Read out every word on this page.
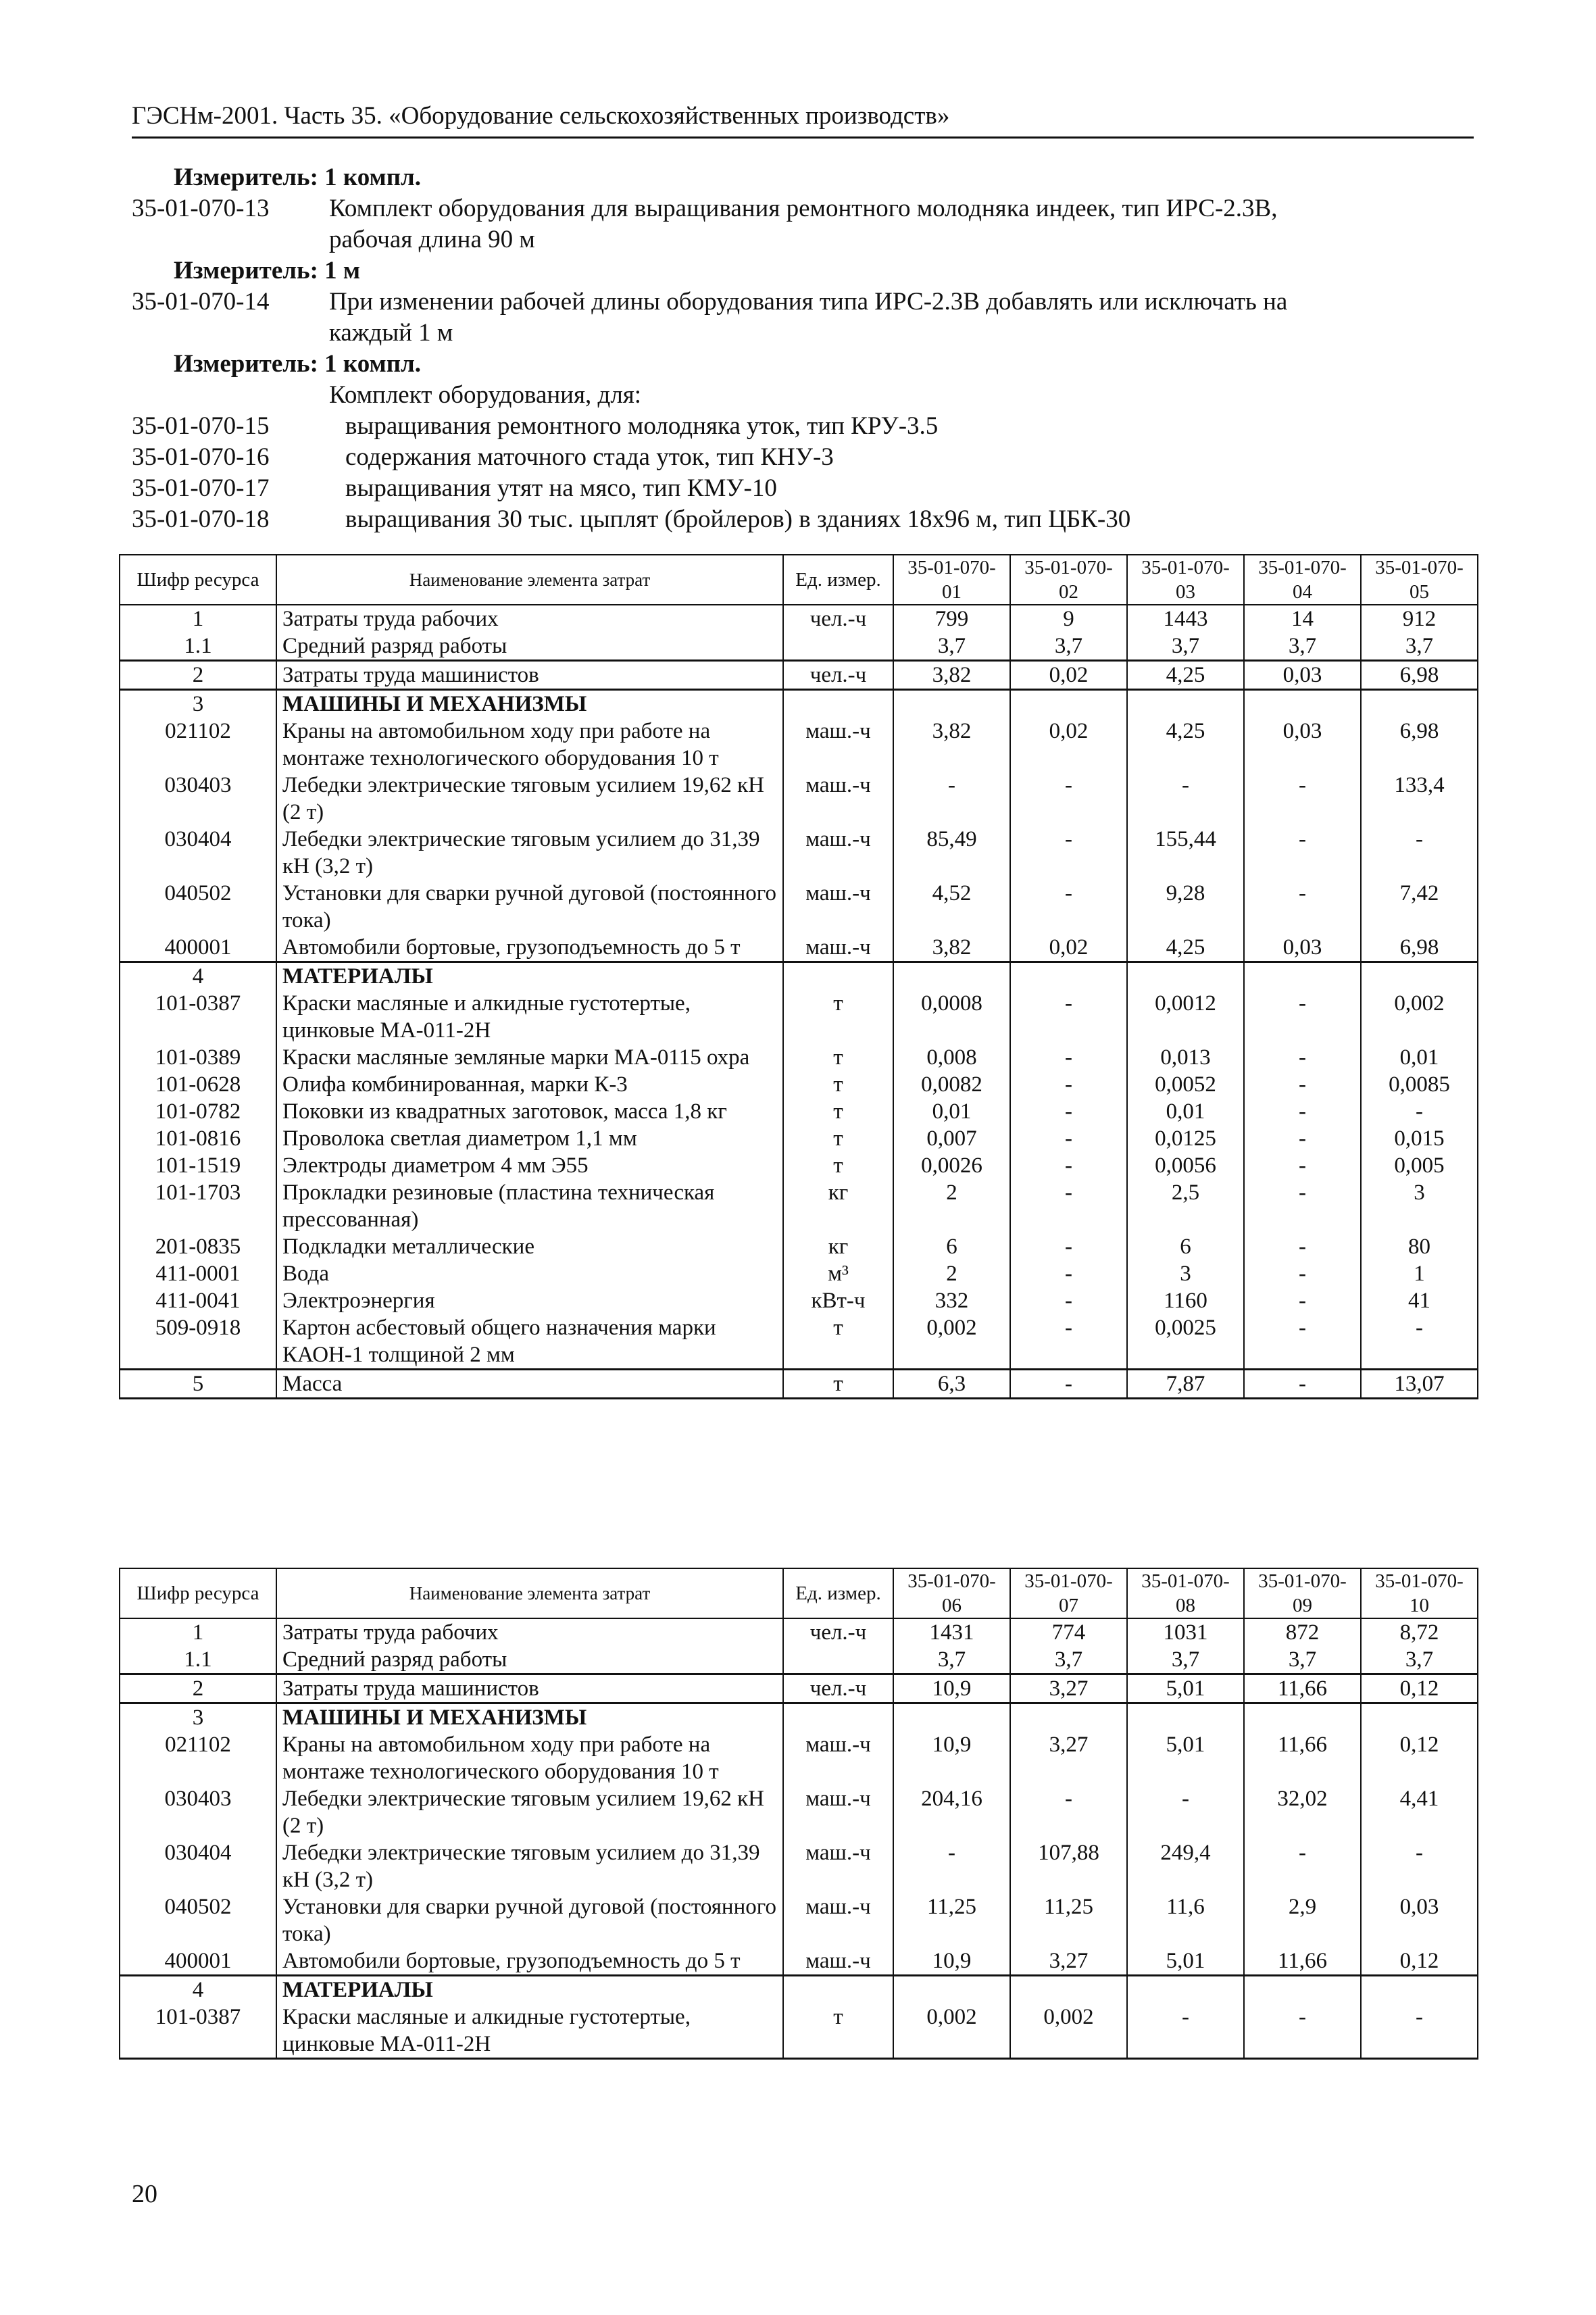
ГЭСНм-2001. Часть 35. «Оборудование сельскохозяйственных производств»
Измеритель: 1 компл.
35-01-070-13	Комплект оборудования для выращивания ремонтного молодняка индеек, тип ИРС-2.3В,
рабочая длина 90 м
Измеритель: 1 м
35-01-070-14	При изменении рабочей длины оборудования типа ИРС-2.3В добавлять или исключать на
каждый 1 м
Измеритель: 1 компл.
Комплект оборудования, для:
35-01-070-15	выращивания ремонтного молодняка уток, тип КРУ-3.5
35-01-070-16	содержания маточного стада уток, тип КНУ-3
35-01-070-17	выращивания утят на мясо, тип КМУ-10
35-01-070-18	выращивания 30 тыс. цыплят (бройлеров) в зданиях 18х96 м, тип ЦБК-30
Шифр ресурса	Наименование элемента затрат	Ед. измер.	35-01-070-01	35-01-070-02	35-01-070-03	35-01-070-04	35-01-070-05
1	Затраты труда рабочих	чел.-ч	799	9	1443	14	912
1.1	Средний разряд работы		3,7	3,7	3,7	3,7	3,7
2	Затраты труда машинистов	чел.-ч	3,82	0,02	4,25	0,03	6,98
3	МАШИНЫ И МЕХАНИЗМЫ						
021102	Краны на автомобильном ходу при работе на монтаже технологического оборудования 10 т	маш.-ч	3,82	0,02	4,25	0,03	6,98
030403	Лебедки электрические тяговым усилием 19,62 кН (2 т)	маш.-ч	-	-	-	-	133,4
030404	Лебедки электрические тяговым усилием до 31,39 кН (3,2 т)	маш.-ч	85,49	-	155,44	-	-
040502	Установки для сварки ручной дуговой (постоянного тока)	маш.-ч	4,52	-	9,28	-	7,42
400001	Автомобили бортовые, грузоподъемность до 5 т	маш.-ч	3,82	0,02	4,25	0,03	6,98
4	МАТЕРИАЛЫ						
101-0387	Краски масляные и алкидные густотертые, цинковые МА-011-2Н	т	0,0008	-	0,0012	-	0,002
101-0389	Краски масляные земляные марки МА-0115 охра	т	0,008	-	0,013	-	0,01
101-0628	Олифа комбинированная, марки К-3	т	0,0082	-	0,0052	-	0,0085
101-0782	Поковки из квадратных заготовок, масса 1,8 кг	т	0,01	-	0,01	-	-
101-0816	Проволока светлая диаметром 1,1 мм	т	0,007	-	0,0125	-	0,015
101-1519	Электроды диаметром 4 мм Э55	т	0,0026	-	0,0056	-	0,005
101-1703	Прокладки резиновые (пластина техническая прессованная)	кг	2	-	2,5	-	3
201-0835	Подкладки металлические	кг	6	-	6	-	80
411-0001	Вода	м³	2	-	3	-	1
411-0041	Электроэнергия	кВт-ч	332	-	1160	-	41
509-0918	Картон асбестовый общего назначения марки КАОН-1 толщиной 2 мм	т	0,002	-	0,0025	-	-
5	Масса	т	6,3	-	7,87	-	13,07
Шифр ресурса	Наименование элемента затрат	Ед. измер.	35-01-070-06	35-01-070-07	35-01-070-08	35-01-070-09	35-01-070-10
1	Затраты труда рабочих	чел.-ч	1431	774	1031	872	8,72
1.1	Средний разряд работы		3,7	3,7	3,7	3,7	3,7
2	Затраты труда машинистов	чел.-ч	10,9	3,27	5,01	11,66	0,12
3	МАШИНЫ И МЕХАНИЗМЫ						
021102	Краны на автомобильном ходу при работе на монтаже технологического оборудования 10 т	маш.-ч	10,9	3,27	5,01	11,66	0,12
030403	Лебедки электрические тяговым усилием 19,62 кН (2 т)	маш.-ч	204,16	-	-	32,02	4,41
030404	Лебедки электрические тяговым усилием до 31,39 кН (3,2 т)	маш.-ч	-	107,88	249,4	-	-
040502	Установки для сварки ручной дуговой (постоянного тока)	маш.-ч	11,25	11,25	11,6	2,9	0,03
400001	Автомобили бортовые, грузоподъемность до 5 т	маш.-ч	10,9	3,27	5,01	11,66	0,12
4	МАТЕРИАЛЫ						
101-0387	Краски масляные и алкидные густотертые, цинковые МА-011-2Н	т	0,002	0,002	-	-	-
20
